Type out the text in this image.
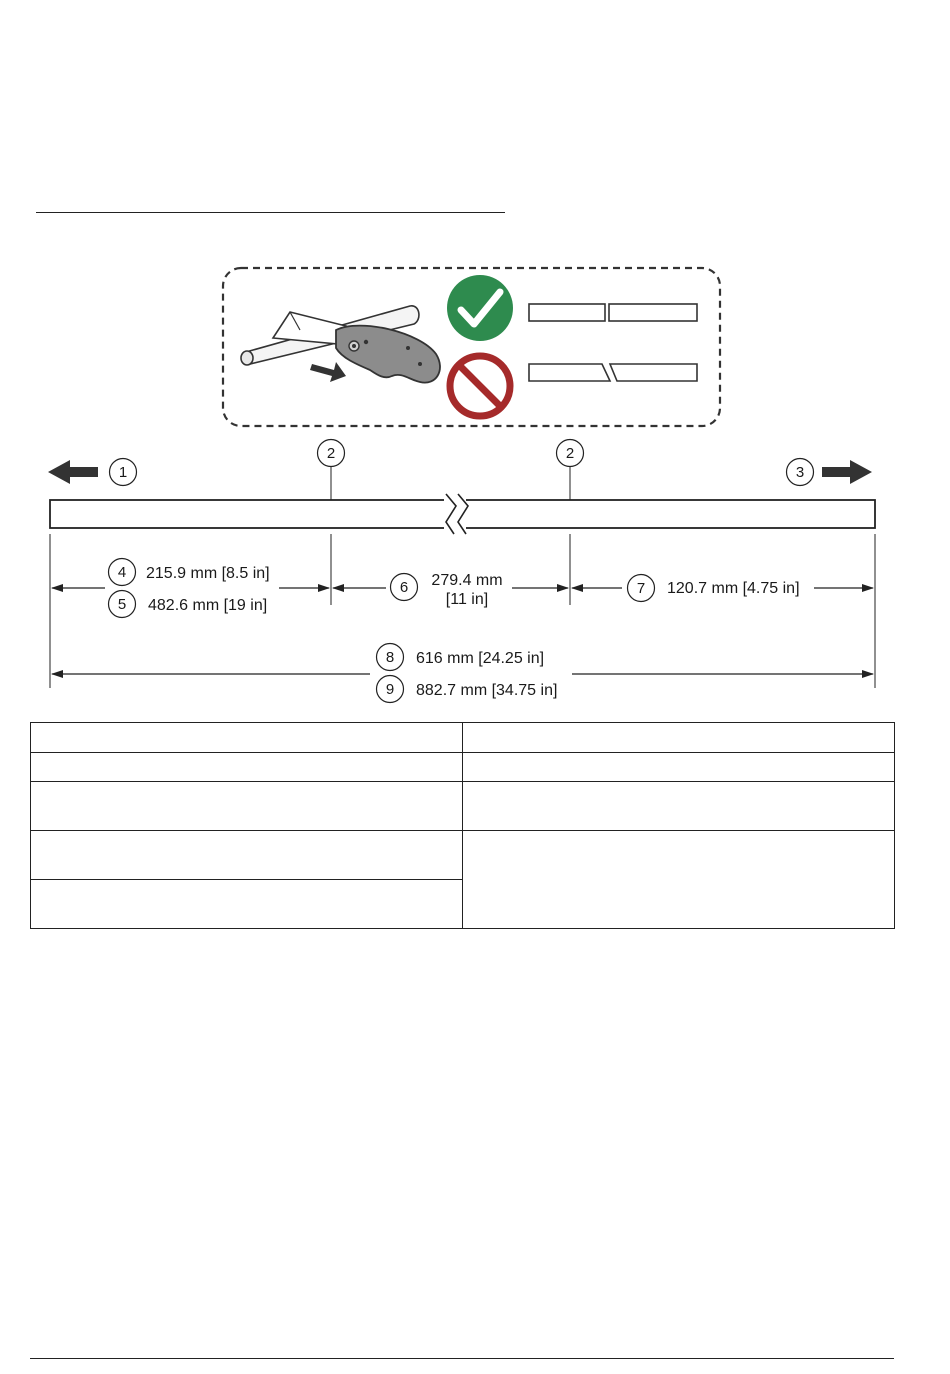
1
2	2
3
4 215.9 mm [8.5 in]
5 482.6 mm [19 in]
6 279.4 mm
[11 in]
7 120.7 mm [4.75 in]
8 616 mm [24.25 in]
9 882.7 mm [34.75 in]
